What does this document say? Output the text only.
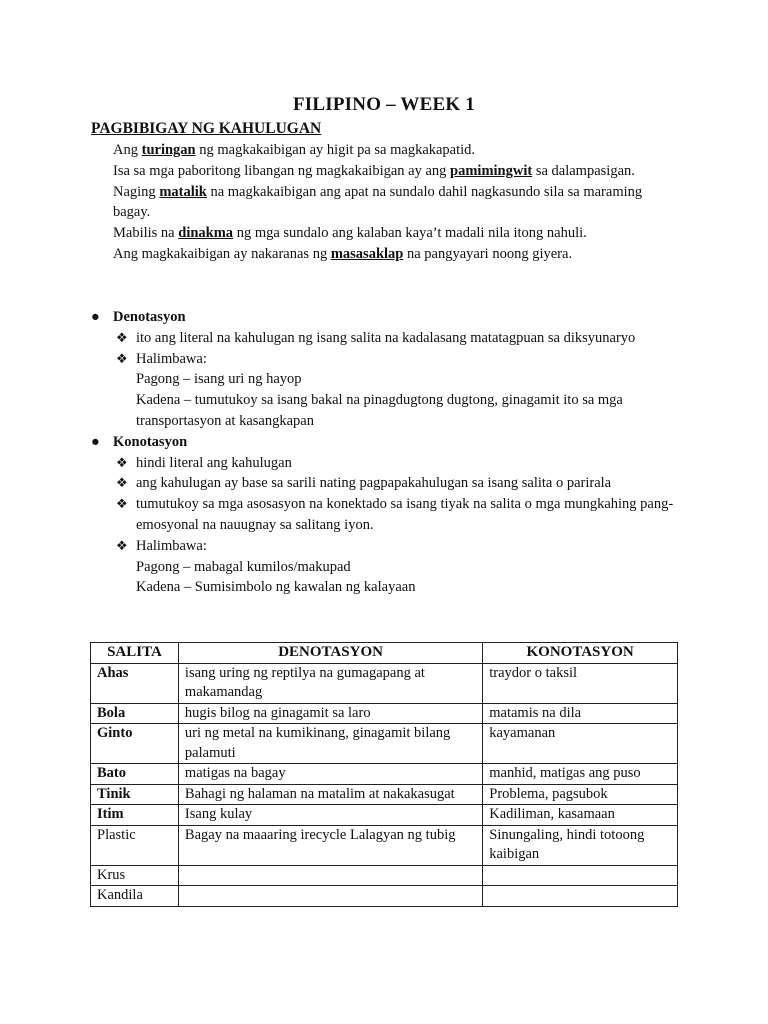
FILIPINO – WEEK 1
PAGBIBIGAY NG KAHULUGAN

Ang turingan ng magkakaibigan ay higit pa sa magkakapatid.

Isa sa mga paboritong libangan ng magkakaibigan ay ang pamimingwit sa dalampasigan.

Naging matalik na magkakaibigan ang apat na sundalo dahil nagkasundo sila sa maraming bagay.

Mabilis na dinakma ng mga sundalo ang kalaban kaya’t madali nila itong nahuli.

Ang magkakaibigan ay nakaranas ng masasaklap na pangyayari noong giyera.

● Denotasyon
❖ ito ang literal na kahulugan ng isang salita na kadalasang matatagpuan sa diksyunaryo
❖ Halimbawa:
Pagong – isang uri ng hayop
Kadena – tumutukoy sa isang bakal na pinagdugtong dugtong, ginagamit ito sa mga transportasyon at kasangkapan
● Konotasyon
❖ hindi literal ang kahulugan
❖ ang kahulugan ay base sa sarili nating pagpapakahulugan sa isang salita o parirala
❖ tumutukoy sa mga asosasyon na konektado sa isang tiyak na salita o mga mungkahing pang-emosyonal na nauugnay sa salitang iyon.
❖ Halimbawa:
Pagong – mabagal kumilos/makupad
Kadena – Sumisimbolo ng kawalan ng kalayaan
SALITA	DENOTASYON	KONOTASYON
Ahas	isang uring ng reptilya na gumagapang at makamandag	traydor o taksil
Bola	hugis bilog na ginagamit sa laro	matamis na dila
Ginto	uri ng metal na kumikinang, ginagamit bilang palamuti	kayamanan
Bato	matigas na bagay	manhid, matigas ang puso
Tinik	Bahagi ng halaman na matalim at nakakasugat	Problema, pagsubok
Itim	Isang kulay	Kadiliman, kasamaan
Plastic	Bagay na maaaring irecycle Lalagyan ng tubig	Sinungaling, hindi totoong kaibigan
Krus		
Kandila		
